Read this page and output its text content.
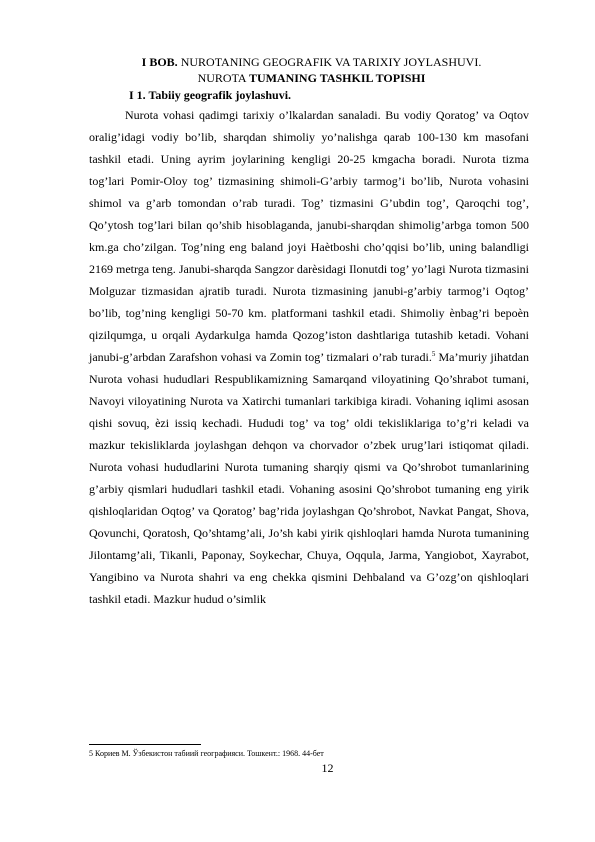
I BOB. NUROTANING GEOGRAFIK VA TARIXIY JOYLASHUVI.
NUROTA TUMANING TASHKIL TOPISHI
I 1. Tabiiy geografik joylashuvi.

Nurota vohasi qadimgi tarixiy o’lkalardan sanaladi. Bu vodiy Qoratog’ va Oqtov oralig’idagi vodiy bo’lib, sharqdan shimoliy yo’nalishga qarab 100-130 km masofani tashkil etadi. Uning ayrim joylarining kengligi 20-25 kmgacha boradi. Nurota tizma tog’lari Pomir-Oloy tog’ tizmasining shimoli-G’arbiy tarmog’i bo’lib, Nurota vohasini shimol va g’arb tomondan o’rab turadi. Tog’ tizmasini G’ubdin tog’, Qaroqchi tog’, Qo’ytosh tog’lari bilan qo’shib hisoblaganda, janubi-sharqdan shimolig’arbga tomon 500 km.ga cho’zilgan. Tog’ning eng baland joyi Haѐtboshi cho’qqisi bo’lib, uning balandligi 2169 metrga teng. Janubi-sharqda Sangzor darѐsidagi Ilonutdi tog’ yo’lagi Nurota tizmasini Molguzar tizmasidan ajratib turadi. Nurota tizmasining janubi-g’arbiy tarmog’i Oqtog’ bo’lib, tog’ning kengligi 50-70 km. platformani tashkil etadi. Shimoliy ѐnbag’ri bepoѐn qizilqumga, u orqali Aydarkulga hamda Qozog’iston dashtlariga tutashib ketadi. Vohani janubi-g’arbdan Zarafshon vohasi va Zomin tog’ tizmalari o’rab turadi.$^5$ Ma’muriy jihatdan Nurota vohasi hududlari Respublikamizning Samarqand viloyatining Qo’shrabot tumani, Navoyi viloyatining Nurota va Xatirchi tumanlari tarkibiga kiradi. Vohaning iqlimi asosan qishi sovuq, ѐzi issiq kechadi. Hududi tog’ va tog’ oldi tekisliklariga to’g’ri keladi va mazkur tekisliklarda joylashgan dehqon va chorvador o’zbek urug’lari istiqomat qiladi. Nurota vohasi hududlarini Nurota tumaning sharqiy qismi va Qo’shrobot tumanlarining g’arbiy qismlari hududlari tashkil etadi. Vohaning asosini Qo’shrobot tumaning eng yirik qishloqlaridan Oqtog’ va Qoratog’ bag’rida joylashgan Qo’shrobot, Navkat Pangat, Shova, Qovunchi, Qoratosh, Qo’shtamg’ali, Jo’sh kabi yirik qishloqlari hamda Nurota tumanining Jilontamg’ali, Tikanli, Paponay, Soykechar, Chuya, Oqqula, Jarma, Yangiobot, Xayrabot, Yangibino va Nurota shahri va eng chekka qismini Dehbaland va G’ozg’on qishloqlari tashkil etadi. Mazkur hudud o’simlik

5 Кориев М. Ўзбекистон табиий географияси. Тошкент.: 1968. 44-бет
12
